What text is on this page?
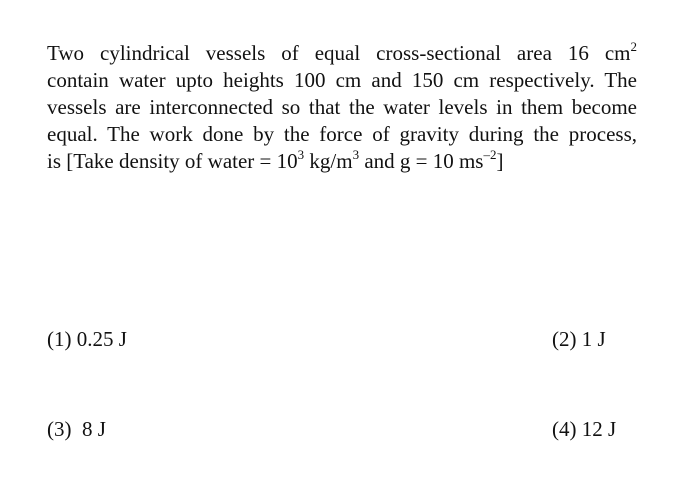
Two cylindrical vessels of equal cross-sectional area 16 $cm^2$
contain water upto heights 100 cm and 150 cm respectively. The
vessels are interconnected so that the water levels in them become
equal. The work done by the force of gravity during the process,
is [Take density of water = $10^3$ $kg/m^3$ and g = 10 $ms^{-2}$]
(1) 0.25 J	(2) 1 J
(3) 8 J	(4) 12 J
